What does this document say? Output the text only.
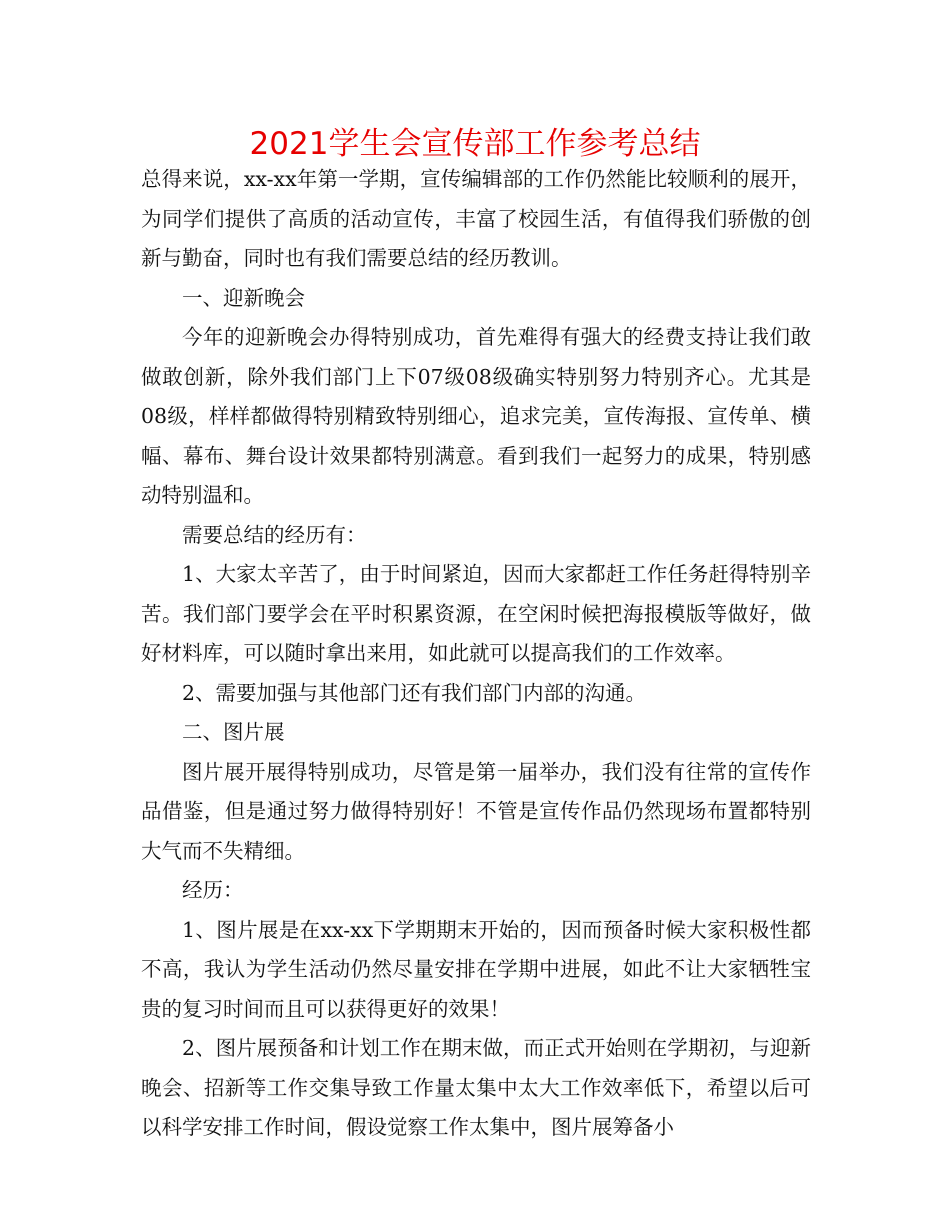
2021学生会宣传部工作参考总结

总得来说，xx-xx年第一学期，宣传编辑部的工作仍然能比较顺利的展开，为同学们提供了高质的活动宣传，丰富了校园生活，有值得我们骄傲的创新与勤奋，同时也有我们需要总结的经历教训。

一、迎新晚会

今年的迎新晚会办得特别成功，首先难得有强大的经费支持让我们敢做敢创新，除外我们部门上下07级08级确实特别努力特别齐心。尤其是08级，样样都做得特别精致特别细心，追求完美，宣传海报、宣传单、横幅、幕布、舞台设计效果都特别满意。看到我们一起努力的成果，特别感动特别温和。

需要总结的经历有：

1、大家太辛苦了，由于时间紧迫，因而大家都赶工作任务赶得特别辛苦。我们部门要学会在平时积累资源，在空闲时候把海报模版等做好，做好材料库，可以随时拿出来用，如此就可以提高我们的工作效率。

2、需要加强与其他部门还有我们部门内部的沟通。

二、图片展

图片展开展得特别成功，尽管是第一届举办，我们没有往常的宣传作品借鉴，但是通过努力做得特别好！不管是宣传作品仍然现场布置都特别大气而不失精细。

经历：

1、图片展是在xx-xx下学期期末开始的，因而预备时候大家积极性都不高，我认为学生活动仍然尽量安排在学期中进展，如此不让大家牺牲宝贵的复习时间而且可以获得更好的效果！

2、图片展预备和计划工作在期末做，而正式开始则在学期初，与迎新晚会、招新等工作交集导致工作量太集中太大工作效率低下，希望以后可以科学安排工作时间，假设觉察工作太集中，图片展筹备小
